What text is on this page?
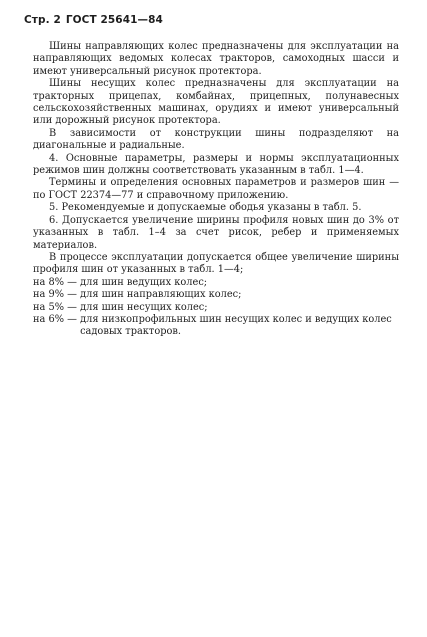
Стр. 2 ГОСТ 25641—84

Шины направляющих колес предназначены для эксплуатации на направляющих ведомых колесах тракторов, самоходных шасси и имеют универсальный рисунок протектора.

Шины несущих колес предназначены для эксплуатации на тракторных прицепах, комбайнах, прицепных, полунавесных сельскохозяйственных машинах, орудиях и имеют универсальный или дорожный рисунок протектора.

В зависимости от конструкции шины подразделяют на диагональные и радиальные.

4. Основные параметры, размеры и нормы эксплуатационных режимов шин должны соответствовать указанным в табл. 1—4.

Термины и определения основных параметров и размеров шин — по ГОСТ 22374—77 и справочному приложению.

5. Рекомендуемые и допускаемые ободья указаны в табл. 5.

6. Допускается увеличение ширины профиля новых шин до 3% от указанных в табл. 1–4 за счет рисок, ребер и применяемых материалов.

В процессе эксплуатации допускается общее увеличение ширины профиля шин от указанных в табл. 1—4;

на 8% — для шин ведущих колес;
на 9% — для шин направляющих колес;
на 5% — для шин несущих колес;
на 6% — для низкопрофильных шин несущих колес и ведущих колес садовых тракторов.
